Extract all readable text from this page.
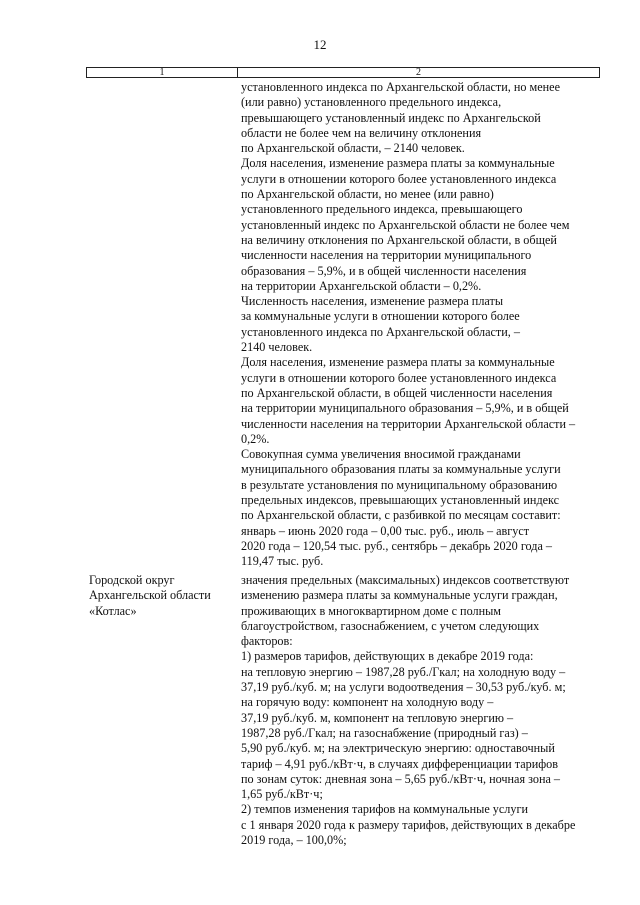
12
1	2
установленного индекса по Архангельской области, но менее
(или равно) установленного предельного индекса,
превышающего установленный индекс по Архангельской
области не более чем на величину отклонения
по Архангельской области, – 2140 человек.
Доля населения, изменение размера платы за коммунальные
услуги в отношении которого более установленного индекса
по Архангельской области, но менее (или равно)
установленного предельного индекса, превышающего
установленный индекс по Архангельской области не более чем
на величину отклонения по Архангельской области, в общей
численности населения на территории муниципального
образования – 5,9%, и в общей численности населения
на территории Архангельской области – 0,2%.
Численность населения, изменение размера платы
за коммунальные услуги в отношении которого более
установленного индекса по Архангельской области, –
2140 человек.
Доля населения, изменение размера платы за коммунальные
услуги в отношении которого более установленного индекса
по Архангельской области, в общей численности населения
на территории муниципального образования – 5,9%, и в общей
численности населения на территории Архангельской области –
0,2%.
Совокупная сумма увеличения вносимой гражданами
муниципального образования платы за коммунальные услуги
в результате установления по муниципальному образованию
предельных индексов, превышающих установленный индекс
по Архангельской области, с разбивкой по месяцам составит:
январь – июнь 2020 года – 0,00 тыс. руб., июль – август
2020 года – 120,54 тыс. руб., сентябрь – декабрь 2020 года –
119,47 тыс. руб.
Городской округ
Архангельской области
«Котлас»
значения предельных (максимальных) индексов соответствуют
изменению размера платы за коммунальные услуги граждан,
проживающих в многоквартирном доме с полным
благоустройством, газоснабжением, с учетом следующих
факторов:
1) размеров тарифов, действующих в декабре 2019 года:
на тепловую энергию – 1987,28 руб./Гкал; на холодную воду –
37,19 руб./куб. м; на услуги водоотведения – 30,53 руб./куб. м;
на горячую воду: компонент на холодную воду –
37,19 руб./куб. м, компонент на тепловую энергию –
1987,28 руб./Гкал; на газоснабжение (природный газ) –
5,90 руб./куб. м; на электрическую энергию: одноставочный
тариф – 4,91 руб./кВт·ч, в случаях дифференциации тарифов
по зонам суток: дневная зона – 5,65 руб./кВт·ч, ночная зона –
1,65 руб./кВт·ч;
2) темпов изменения тарифов на коммунальные услуги
с 1 января 2020 года к размеру тарифов, действующих в декабре
2019 года, – 100,0%;
